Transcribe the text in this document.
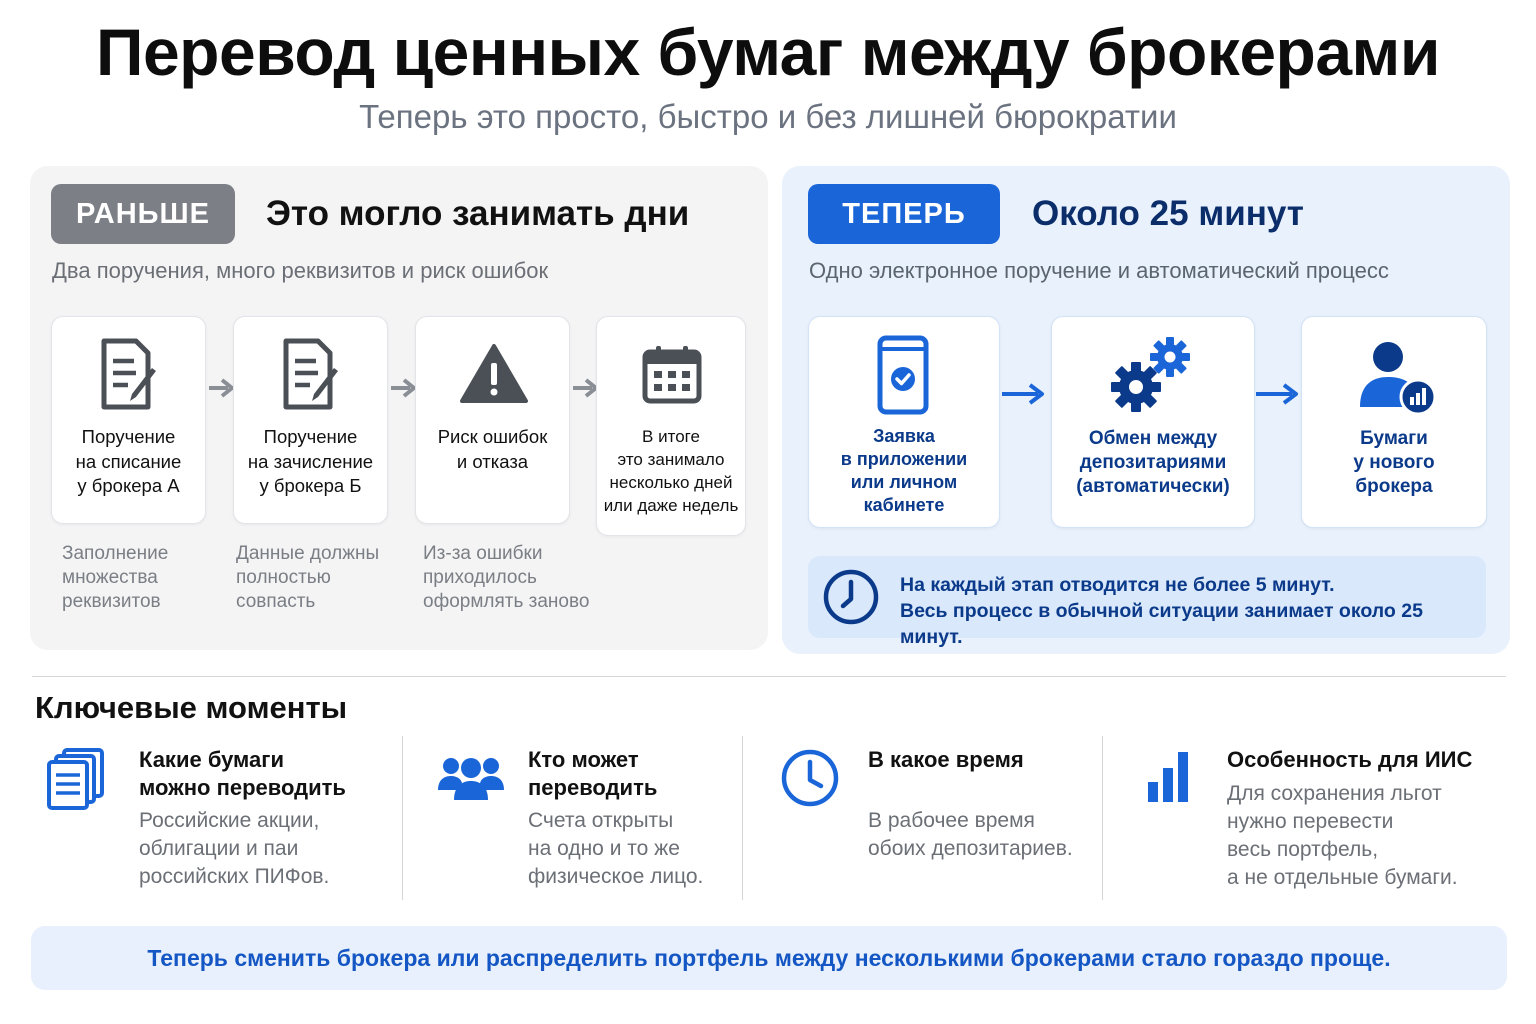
Перевод ценных бумаг между брокерами
Теперь это просто, быстро и без лишней бюрократии
РАНЬШЕ	Это могло занимать дни
Два поручения, много реквизитов и риск ошибок
Поручение
на списание
у брокера А
Поручение
на зачисление
у брокера Б
Риск ошибок
и отказа
В итоге
это занимало
несколько дней
или даже недель
Заполнение
множества
реквизитов
Данные должны
полностью
совпасть
Из-за ошибки
приходилось
оформлять заново
ТЕПЕРЬ	Около 25 минут
Одно электронное поручение и автоматический процесс
Заявка
в приложении
или личном
кабинете
Обмен между
депозитариями
(автоматически)
Бумаги
у нового
брокера
На каждый этап отводится не более 5 минут.
Весь процесс в обычной ситуации занимает около 25 минут.
Ключевые моменты
Какие бумаги
можно переводить
Российские акции,
облигации и паи
российских ПИФов.
Кто может
переводить
Счета открыты
на одно и то же
физическое лицо.
В какое время
В рабочее время
обоих депозитариев.
Особенность для ИИС
Для сохранения льгот
нужно перевести
весь портфель,
а не отдельные бумаги.
Теперь сменить брокера или распределить портфель между несколькими брокерами стало гораздо проще.
